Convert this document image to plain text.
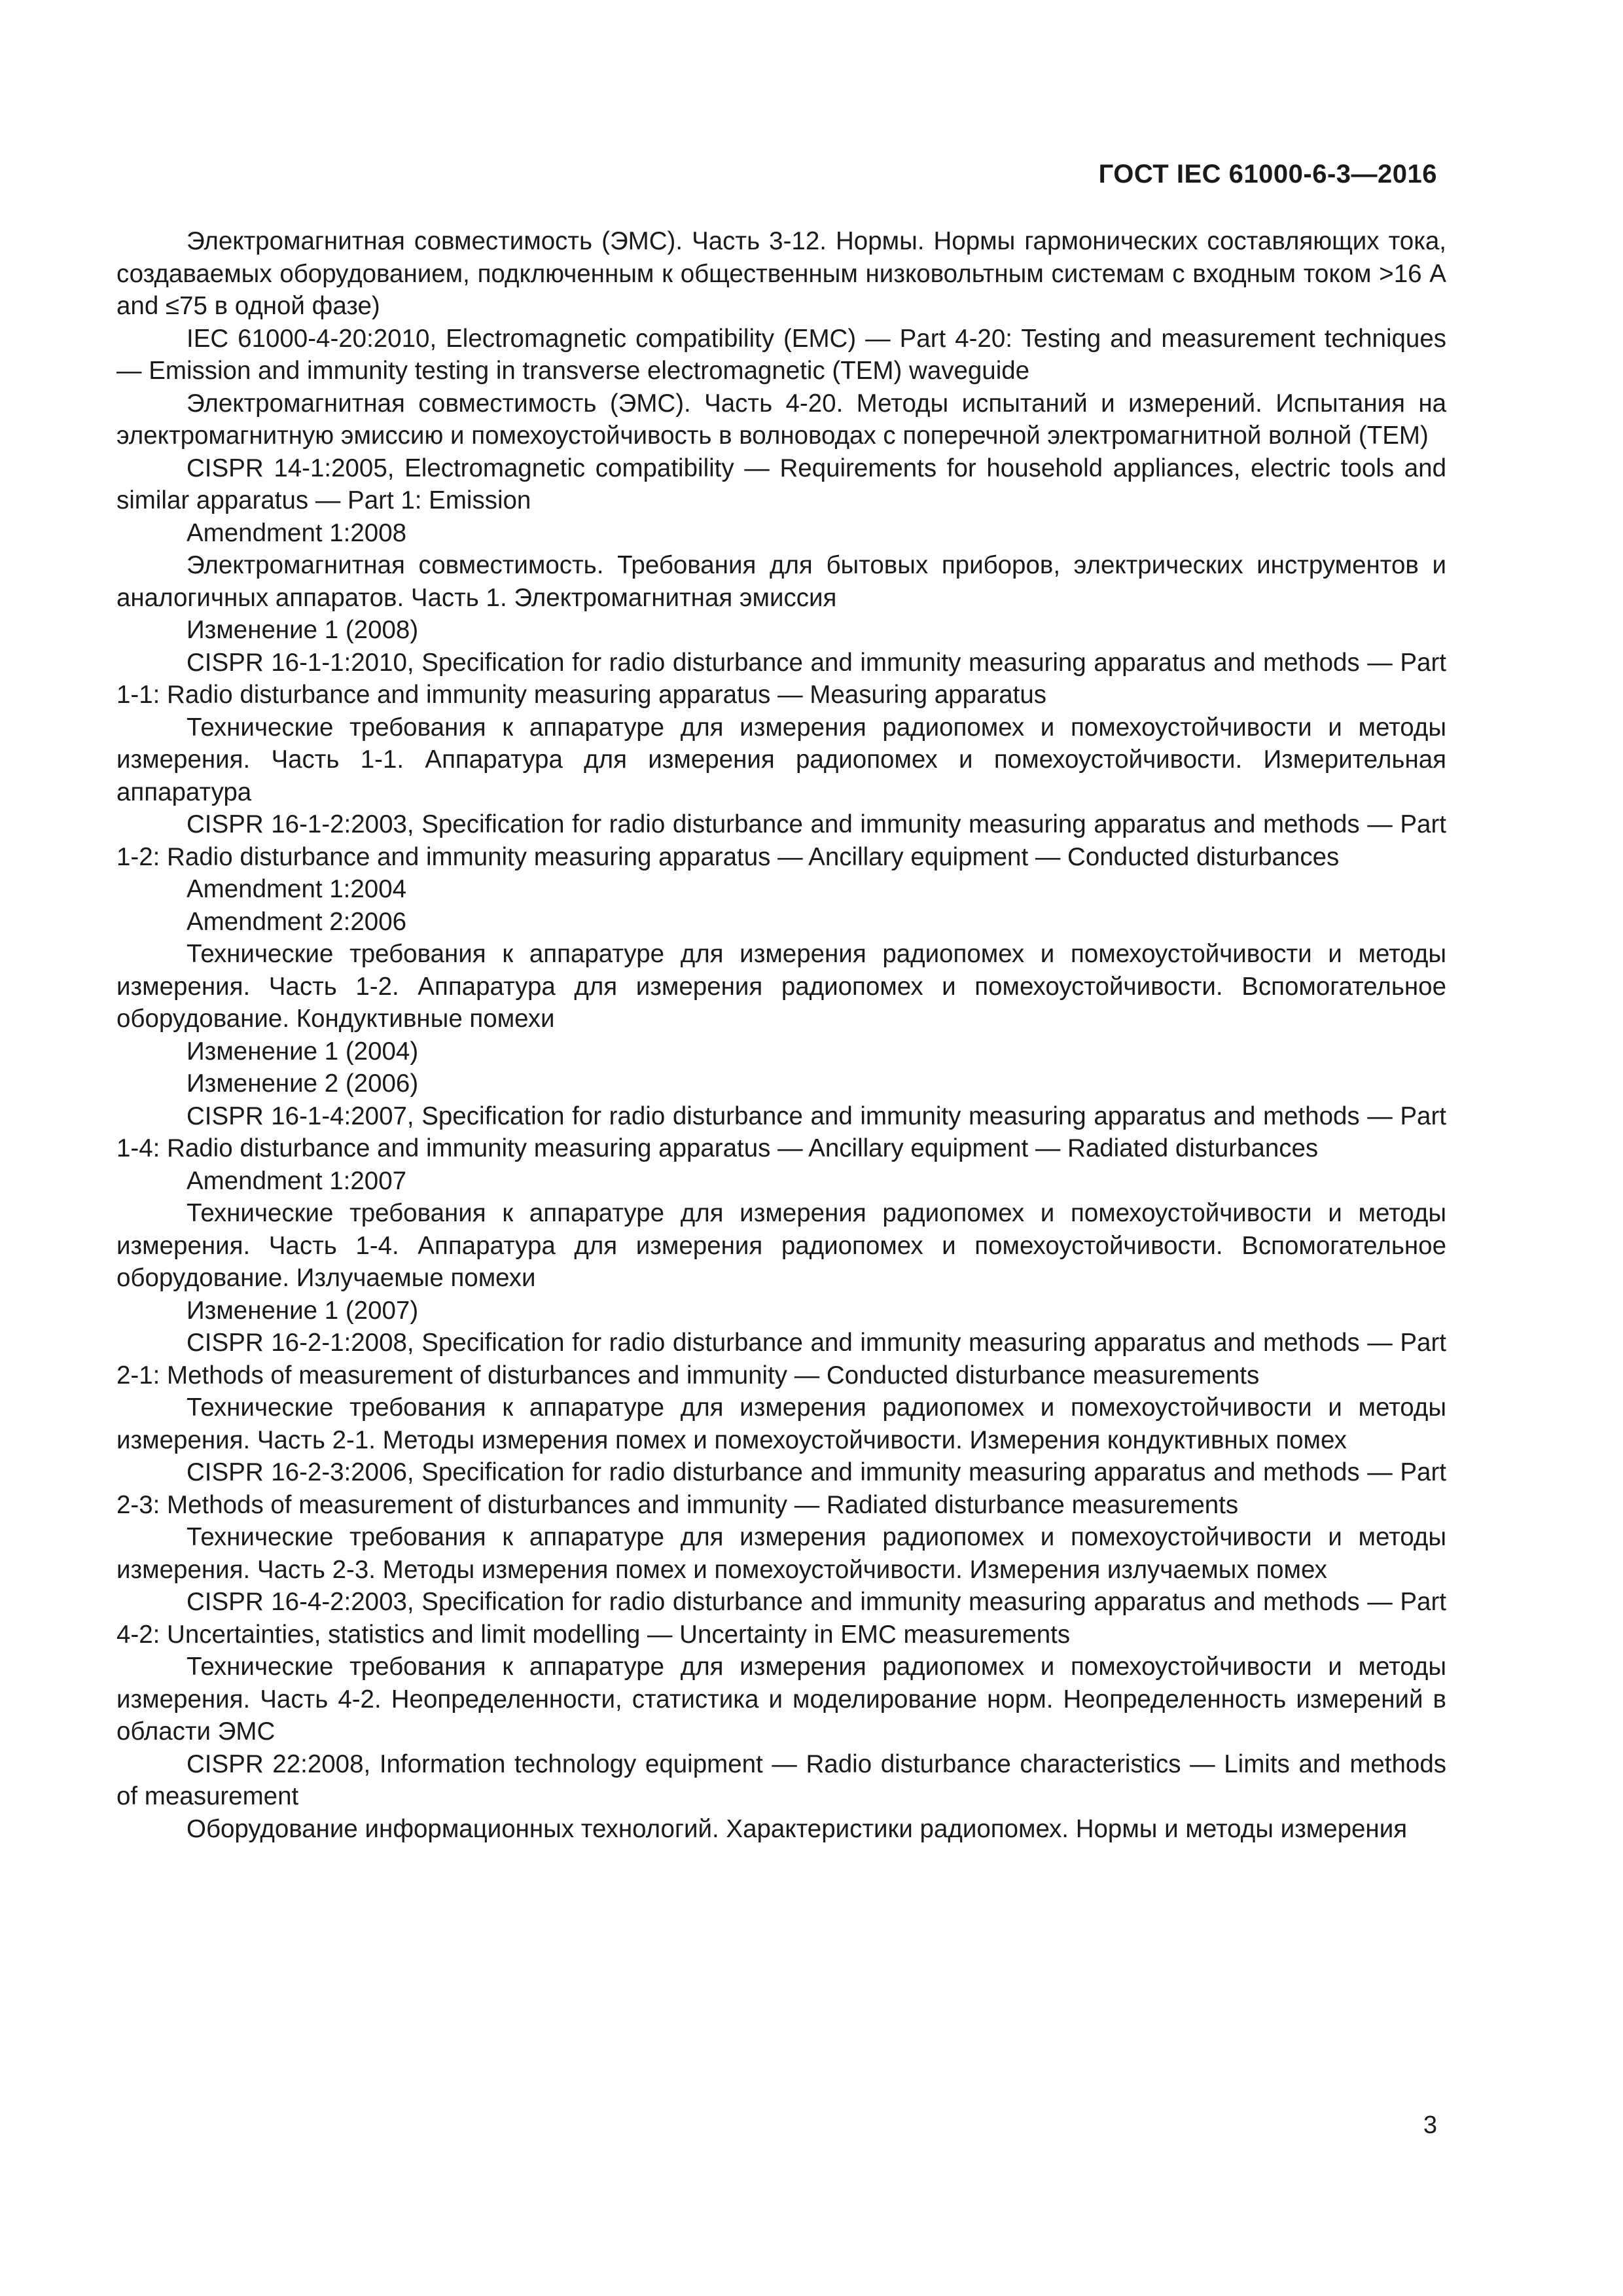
ГОСТ IEC 61000-6-3—2016

Электромагнитная совместимость (ЭМС). Часть 3-12. Нормы. Нормы гармонических составляющих тока, создаваемых оборудованием, подключенным к общественным низковольтным системам с входным током >16 А and ≤75 в одной фазе)

IEC 61000-4-20:2010, Electromagnetic compatibility (EMC) — Part 4-20: Testing and measurement techniques — Emission and immunity testing in transverse electromagnetic (TEM) waveguide

Электромагнитная совместимость (ЭМС). Часть 4-20. Методы испытаний и измерений. Испытания на электромагнитную эмиссию и помехоустойчивость в волноводах с поперечной электромагнитной волной (ТЕМ)

CISPR 14-1:2005, Electromagnetic compatibility — Requirements for household appliances, electric tools and similar apparatus — Part 1: Emission

Amendment 1:2008

Электромагнитная совместимость. Требования для бытовых приборов, электрических инструментов и аналогичных аппаратов. Часть 1. Электромагнитная эмиссия

Изменение 1 (2008)

CISPR 16-1-1:2010, Specification for radio disturbance and immunity measuring apparatus and methods — Part 1-1: Radio disturbance and immunity measuring apparatus — Measuring apparatus

Технические требования к аппаратуре для измерения радиопомех и помехоустойчивости и методы измерения. Часть 1-1. Аппаратура для измерения радиопомех и помехоустойчивости. Измерительная аппаратура

CISPR 16-1-2:2003, Specification for radio disturbance and immunity measuring apparatus and methods — Part 1-2: Radio disturbance and immunity measuring apparatus — Ancillary equipment — Conducted disturbances

Amendment 1:2004

Amendment 2:2006

Технические требования к аппаратуре для измерения радиопомех и помехоустойчивости и методы измерения. Часть 1-2. Аппаратура для измерения радиопомех и помехоустойчивости. Вспомогательное оборудование. Кондуктивные помехи

Изменение 1 (2004)

Изменение 2 (2006)

CISPR 16-1-4:2007, Specification for radio disturbance and immunity measuring apparatus and methods — Part 1-4: Radio disturbance and immunity measuring apparatus — Ancillary equipment — Radiated disturbances

Amendment 1:2007

Технические требования к аппаратуре для измерения радиопомех и помехоустойчивости и методы измерения. Часть 1-4. Аппаратура для измерения радиопомех и помехоустойчивости. Вспомогательное оборудование. Излучаемые помехи

Изменение 1 (2007)

CISPR 16-2-1:2008, Specification for radio disturbance and immunity measuring apparatus and methods — Part 2-1: Methods of measurement of disturbances and immunity — Conducted disturbance measurements

Технические требования к аппаратуре для измерения радиопомех и помехоустойчивости и методы измерения. Часть 2-1. Методы измерения помех и помехоустойчивости. Измерения кондуктивных помех

CISPR 16-2-3:2006, Specification for radio disturbance and immunity measuring apparatus and methods — Part 2-3: Methods of measurement of disturbances and immunity — Radiated disturbance measurements

Технические требования к аппаратуре для измерения радиопомех и помехоустойчивости и методы измерения. Часть 2-3. Методы измерения помех и помехоустойчивости. Измерения излучаемых помех

CISPR 16-4-2:2003, Specification for radio disturbance and immunity measuring apparatus and methods — Part 4-2: Uncertainties, statistics and limit modelling — Uncertainty in EMC measurements

Технические требования к аппаратуре для измерения радиопомех и помехоустойчивости и методы измерения. Часть 4-2. Неопределенности, статистика и моделирование норм. Неопределенность измерений в области ЭМС

CISPR 22:2008, Information technology equipment — Radio disturbance characteristics — Limits and methods of measurement

Оборудование информационных технологий. Характеристики радиопомех. Нормы и методы измерения

3
